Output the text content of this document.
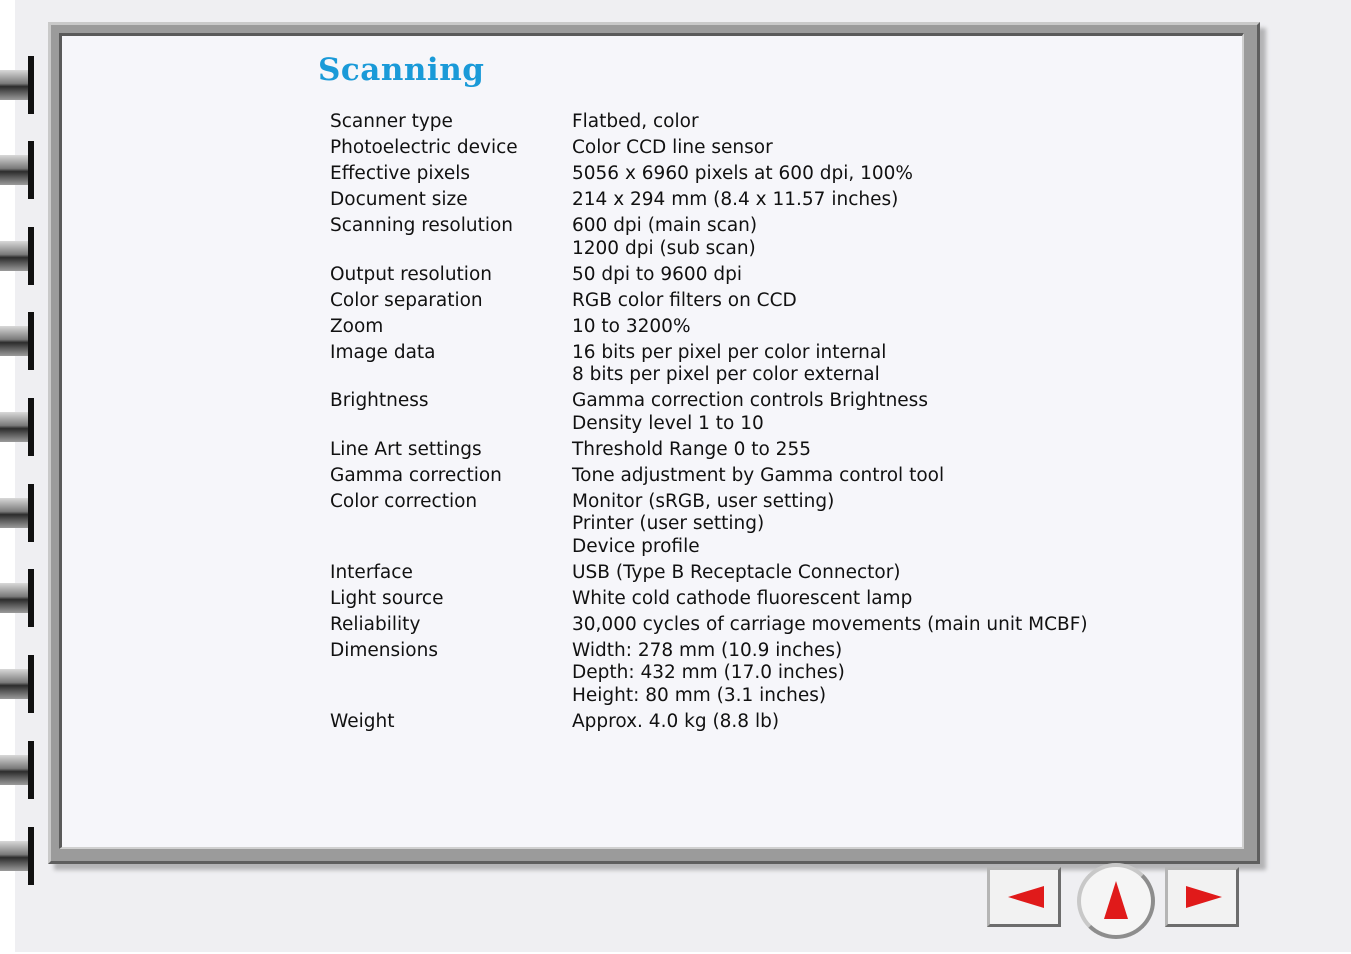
Scanning
Scanner type	Flatbed, color
Photoelectric device	Color CCD line sensor
Effective pixels	5056 x 6960 pixels at 600 dpi, 100%
Document size	214 x 294 mm (8.4 x 11.57 inches)
Scanning resolution	600 dpi (main scan)
1200 dpi (sub scan)
Output resolution	50 dpi to 9600 dpi
Color separation	RGB color filters on CCD
Zoom	10 to 3200%
Image data	16 bits per pixel per color internal
8 bits per pixel per color external
Brightness	Gamma correction controls Brightness
Density level 1 to 10
Line Art settings	Threshold Range 0 to 255
Gamma correction	Tone adjustment by Gamma control tool
Color correction	Monitor (sRGB, user setting)
Printer (user setting)
Device profile
Interface	USB (Type B Receptacle Connector)
Light source	White cold cathode fluorescent lamp
Reliability	30,000 cycles of carriage movements (main unit MCBF)
Dimensions	Width: 278 mm (10.9 inches)
Depth: 432 mm (17.0 inches)
Height: 80 mm (3.1 inches)
Weight	Approx. 4.0 kg (8.8 lb)
